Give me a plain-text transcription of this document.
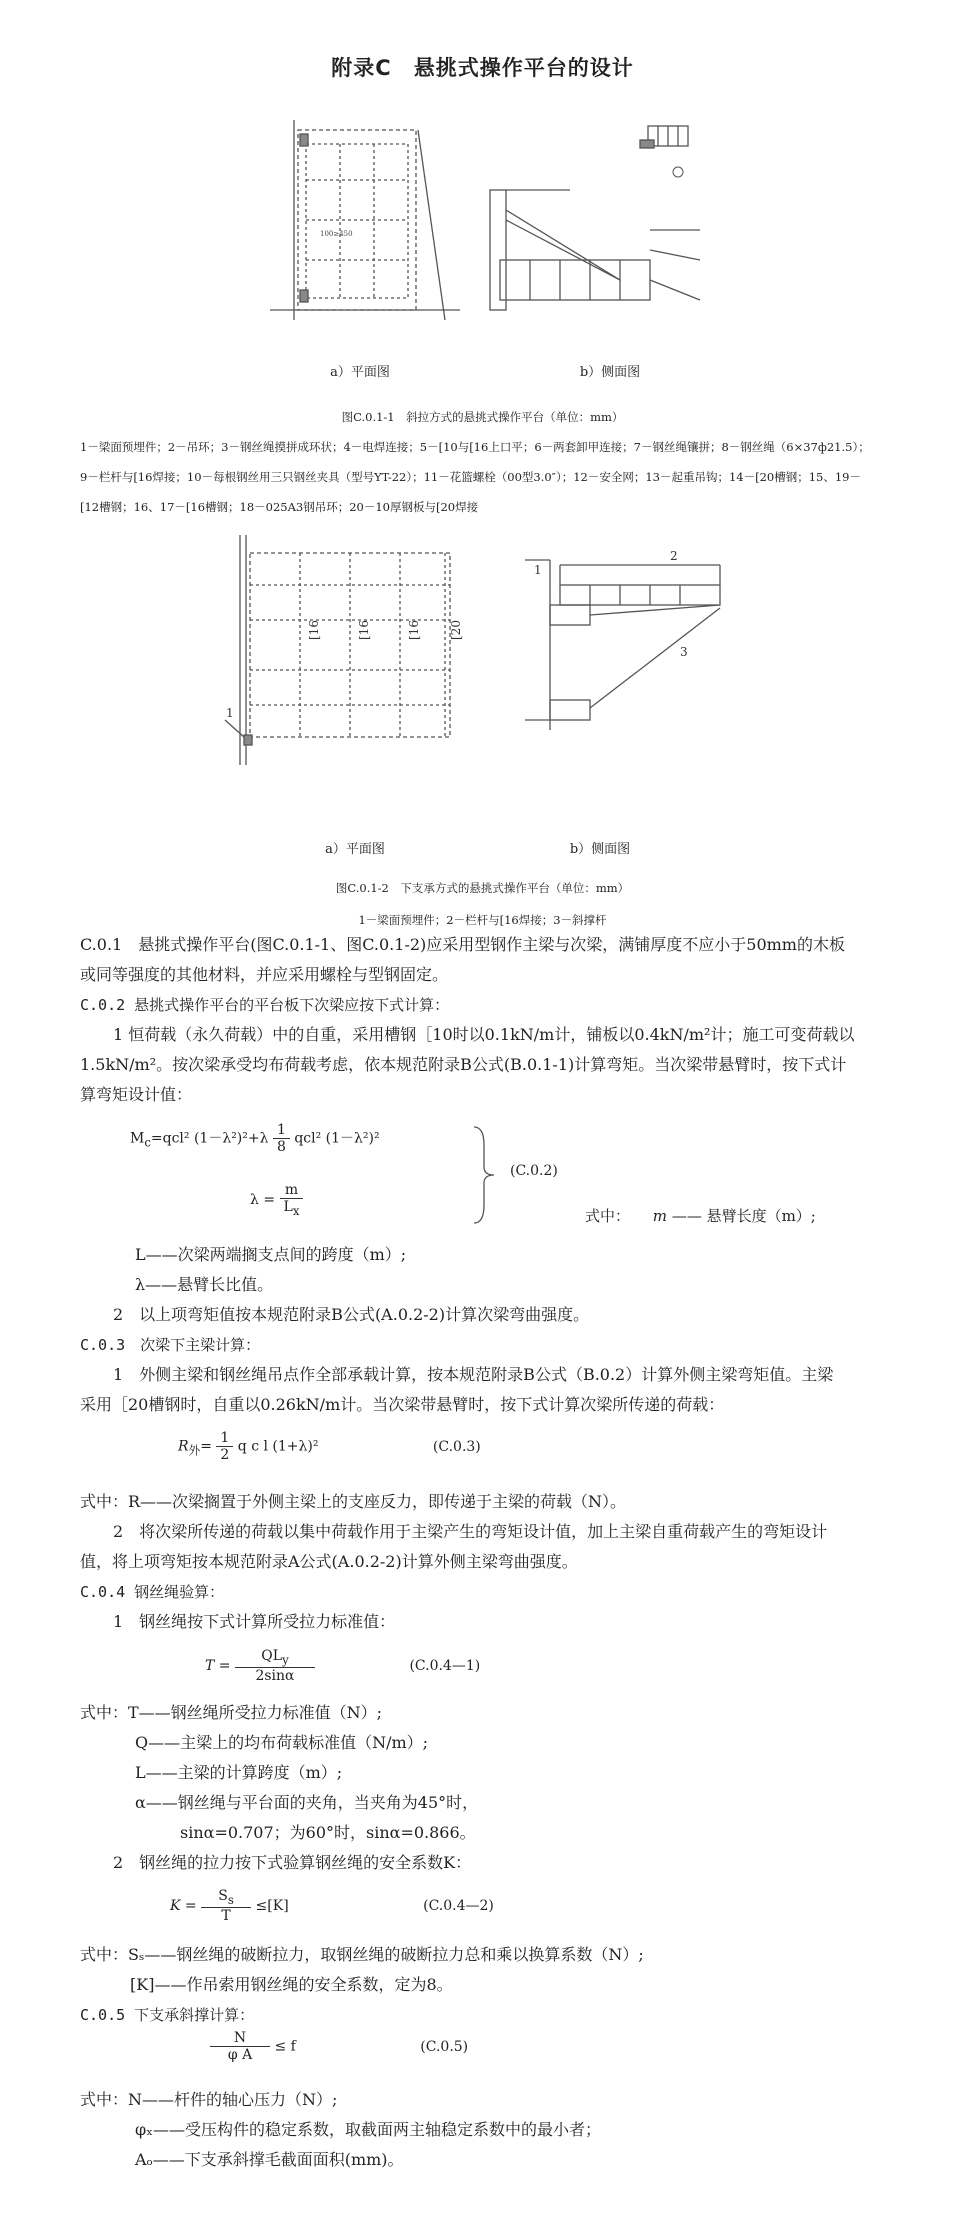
附录C　悬挑式操作平台的设计
100≥450
a）平面图	b）侧面图
图C.0.1-1　斜拉方式的悬挑式操作平台（单位：mm）
1－梁面预埋件；2－吊环；3－钢丝绳摸拼成环状；4－电焊连接；5－[10与[16上口平；6－两套卸甲连接；7－钢丝绳镶拼；8－钢丝绳（6×37ф21.5）；
9－栏杆与[16焊接；10－每根钢丝用三只钢丝夹具（型号YT-22）；11－花篮螺栓（00型3.0″）；12－安全网；13－起重吊钩；14－[20槽钢；15、19－
[12槽钢；16、17－[16槽钢；18－025A3钢吊环；20－10厚钢板与[20焊接
1
[16	[16	[16 [20
2
1
3
a）平面图	b）侧面图
图C.0.1-2　下支承方式的悬挑式操作平台（单位：mm）
1－梁面预埋件；2－栏杆与[16焊接；3－斜撑杆
C.0.1　悬挑式操作平台(图C.0.1-1、图C.0.1-2)应采用型钢作主梁与次梁，满铺厚度不应小于50mm的木板
或同等强度的其他材料，并应采用螺栓与型钢固定。
C.0.2 悬挑式操作平台的平台板下次梁应按下式计算：
1 恒荷载（永久荷载）中的自重，采用槽钢［10时以0.1kN/m计，铺板以0.4kN/m²计；施工可变荷载以
1.5kN/m²。按次梁承受均布荷载考虑，依本规范附录B公式(B.0.1-1)计算弯矩。当次梁带悬臂时，按下式计
算弯矩设计值：
$M_c=qcl^2$ $(1-\lambda^2)^2+\lambda \frac{1}{8} qcl^2$ (1－λ²)²
$\lambda = \frac{m}{L_x}$
(C.0.2)
式中： m —— 悬臂长度（m）;
L——次梁两端搁支点间的跨度（m）;
λ——悬臂长比值。
2　以上项弯矩值按本规范附录B公式(A.0.2-2)计算次梁弯曲强度。
C.0.3　次梁下主梁计算：
1　外侧主梁和钢丝绳吊点作全部承载计算，按本规范附录B公式（B.0.2）计算外侧主梁弯矩值。主梁
采用［20槽钢时，自重以0.26kN/m计。当次梁带悬臂时，按下式计算次梁所传递的荷载：
$R_外= \frac{1}{2}$ q c l (1+λ)²	(C.0.3)
式中：R——次梁搁置于外侧主梁上的支座反力，即传递于主梁的荷载（N）。
2　将次梁所传递的荷载以集中荷载作用于主梁产生的弯矩设计值，加上主梁自重荷载产生的弯矩设计
值，将上项弯矩按本规范附录A公式(A.0.2-2)计算外侧主梁弯曲强度。
C.0.4 钢丝绳验算：
1　钢丝绳按下式计算所受拉力标准值：
$T = \frac{QL_y}{2\sin\alpha}$	(C.0.4—1)
式中：T——钢丝绳所受拉力标准值（N）;
Q——主梁上的均布荷载标准值（N/m）;
L——主梁的计算跨度（m）;
α——钢丝绳与平台面的夹角，当夹角为45°时，
sinα=0.707；为60°时，sinα=0.866。
2　钢丝绳的拉力按下式验算钢丝绳的安全系数K：
$K = \frac{S_s}{T} \le[K]$	(C.0.4—2)
式中：Sₛ——钢丝绳的破断拉力，取钢丝绳的破断拉力总和乘以换算系数（N）;
[K]——作吊索用钢丝绳的安全系数，定为8。
C.0.5 下支承斜撑计算：
$\frac{N}{\text{φ A}} \le f$	(C.0.5)
式中：N——杆件的轴心压力（N）;
φₓ——受压构件的稳定系数，取截面两主轴稳定系数中的最小者；
Aₒ——下支承斜撑毛截面面积(mm)。
